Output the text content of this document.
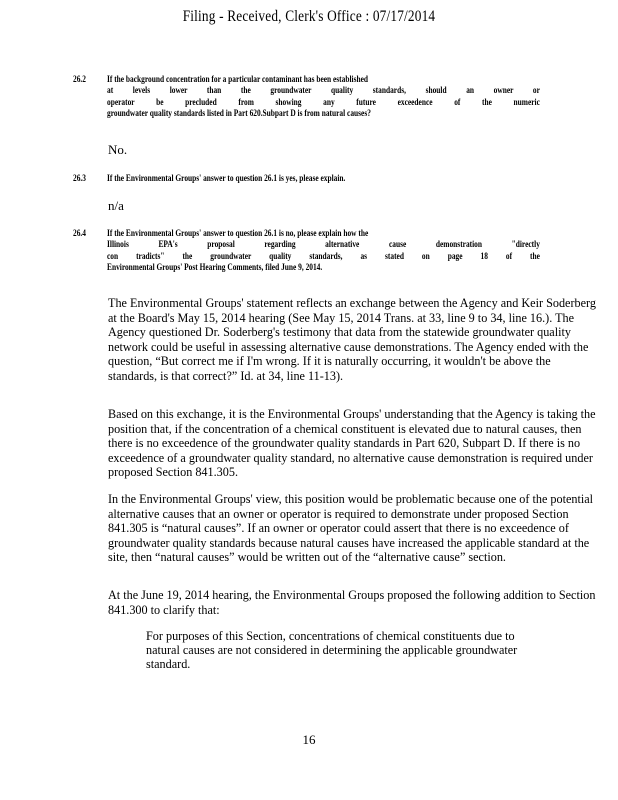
Filing - Received, Clerk's Office : 07/17/2014
26.2 If the background concentration for a particular contaminant has been established
at levels lower than the groundwater quality standards, should an owner or
operator be precluded from showing any future exceedence of the numeric
groundwater quality standards listed in Part 620.Subpart D is from natural causes?
No.
26.3 If the Environmental Groups' answer to question 26.1 is yes, please explain.
n/a
26.4 If the Environmental Groups' answer to question 26.1 is no, please explain how the
Illinois EPA's proposal regarding alternative cause demonstration "directly
con tradicts" the groundwater quality standards, as stated on page 18 of the
Environmental Groups' Post Hearing Comments, filed June 9, 2014.

The Environmental Groups' statement reflects an exchange between the Agency and Keir Soderberg at the Board's May 15, 2014 hearing (See May 15, 2014 Trans. at 33, line 9 to 34, line 16.). The Agency questioned Dr. Soderberg's testimony that data from the statewide groundwater quality network could be useful in assessing alternative cause demonstrations. The Agency ended with the question, “But correct me if I'm wrong. If it is naturally occurring, it wouldn't be above the standards, is that correct?” Id. at 34, line 11-13).

Based on this exchange, it is the Environmental Groups' understanding that the Agency is taking the position that, if the concentration of a chemical constituent is elevated due to natural causes, then there is no exceedence of the groundwater quality standards in Part 620, Subpart D. If there is no exceedence of a groundwater quality standard, no alternative cause demonstration is required under proposed Section 841.305.

In the Environmental Groups' view, this position would be problematic because one of the potential alternative causes that an owner or operator is required to demonstrate under proposed Section 841.305 is “natural causes”. If an owner or operator could assert that there is no exceedence of groundwater quality standards because natural causes have increased the applicable standard at the site, then “natural causes” would be written out of the “alternative cause” section.

At the June 19, 2014 hearing, the Environmental Groups proposed the following addition to Section 841.300 to clarify that:

For purposes of this Section, concentrations of chemical constituents due to natural causes are not considered in determining the applicable groundwater standard.

16
